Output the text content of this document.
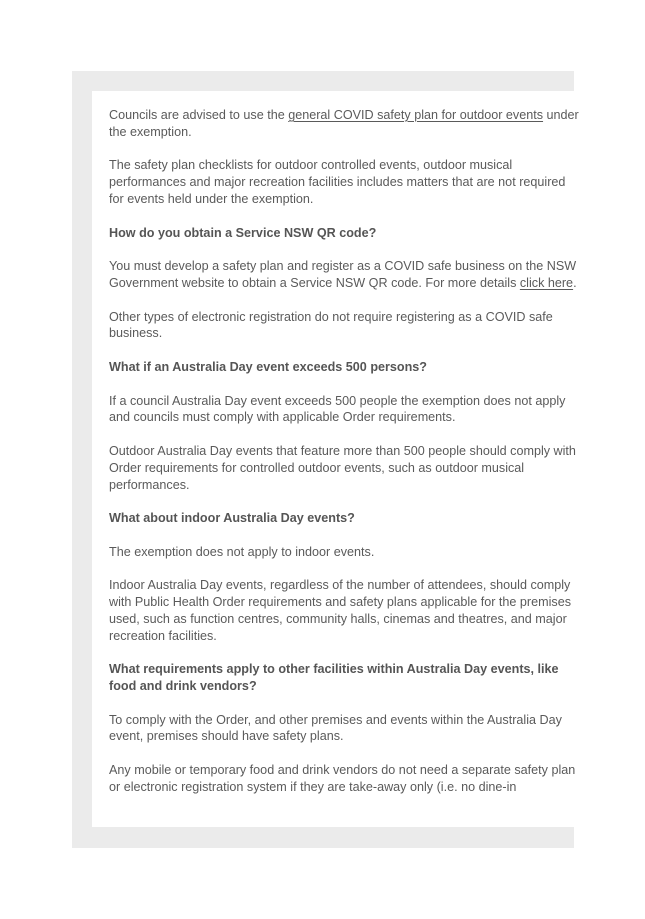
Councils are advised to use the general COVID safety plan for outdoor events under the exemption.

The safety plan checklists for outdoor controlled events, outdoor musical performances and major recreation facilities includes matters that are not required for events held under the exemption.

How do you obtain a Service NSW QR code?

You must develop a safety plan and register as a COVID safe business on the NSW Government website to obtain a Service NSW QR code. For more details click here.

Other types of electronic registration do not require registering as a COVID safe business.

What if an Australia Day event exceeds 500 persons?

If a council Australia Day event exceeds 500 people the exemption does not apply and councils must comply with applicable Order requirements.

Outdoor Australia Day events that feature more than 500 people should comply with Order requirements for controlled outdoor events, such as outdoor musical performances.

What about indoor Australia Day events?

The exemption does not apply to indoor events.

Indoor Australia Day events, regardless of the number of attendees, should comply with Public Health Order requirements and safety plans applicable for the premises used, such as function centres, community halls, cinemas and theatres, and major recreation facilities.

What requirements apply to other facilities within Australia Day events, like food and drink vendors?

To comply with the Order, and other premises and events within the Australia Day event, premises should have safety plans.

Any mobile or temporary food and drink vendors do not need a separate safety plan or electronic registration system if they are take-away only (i.e. no dine-in
